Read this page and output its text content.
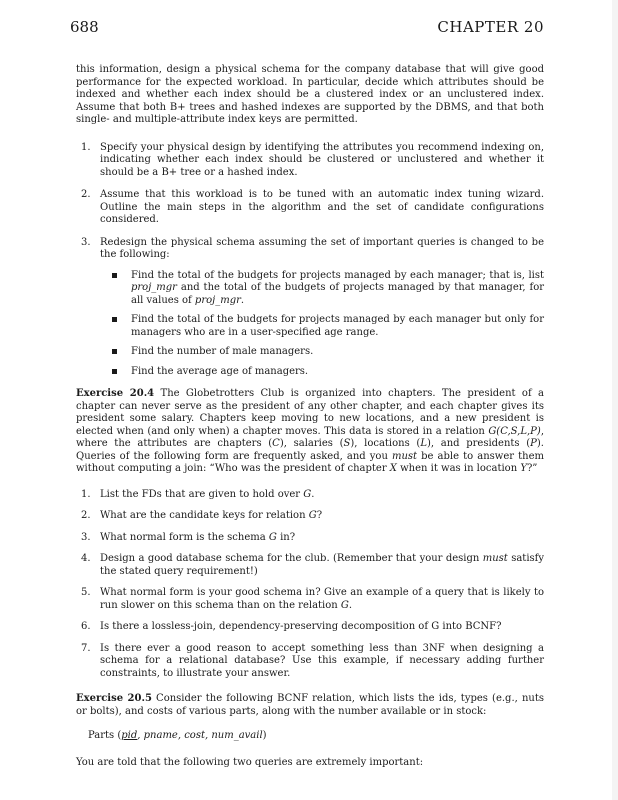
688	CHAPTER 20

this information, design a physical schema for the company database that will give good performance for the expected workload. In particular, decide which attributes should be indexed and whether each index should be a clustered index or an unclustered index. Assume that both B+ trees and hashed indexes are supported by the DBMS, and that both single- and multiple-attribute index keys are permitted.

1. Specify your physical design by identifying the attributes you recommend indexing on, indicating whether each index should be clustered or unclustered and whether it should be a B+ tree or a hashed index.
2. Assume that this workload is to be tuned with an automatic index tuning wizard. Outline the main steps in the algorithm and the set of candidate configurations considered.
3. Redesign the physical schema assuming the set of important queries is changed to be the following:
Find the total of the budgets for projects managed by each manager; that is, list proj_mgr and the total of the budgets of projects managed by that manager, for all values of proj_mgr.
Find the total of the budgets for projects managed by each manager but only for managers who are in a user-specified age range.
Find the number of male managers.
Find the average age of managers.

Exercise 20.4 The Globetrotters Club is organized into chapters. The president of a chapter can never serve as the president of any other chapter, and each chapter gives its president some salary. Chapters keep moving to new locations, and a new president is elected when (and only when) a chapter moves. This data is stored in a relation G(C,S,L,P), where the attributes are chapters (C), salaries (S), locations (L), and presidents (P). Queries of the following form are frequently asked, and you must be able to answer them without computing a join: “Who was the president of chapter X when it was in location Y?”

1. List the FDs that are given to hold over G.
2. What are the candidate keys for relation G?
3. What normal form is the schema G in?
4. Design a good database schema for the club. (Remember that your design must satisfy the stated query requirement!)
5. What normal form is your good schema in? Give an example of a query that is likely to run slower on this schema than on the relation G.
6. Is there a lossless-join, dependency-preserving decomposition of G into BCNF?
7. Is there ever a good reason to accept something less than 3NF when designing a schema for a relational database? Use this example, if necessary adding further constraints, to illustrate your answer.

Exercise 20.5 Consider the following BCNF relation, which lists the ids, types (e.g., nuts or bolts), and costs of various parts, along with the number available or in stock:

Parts (pid, pname, cost, num_avail)

You are told that the following two queries are extremely important:
